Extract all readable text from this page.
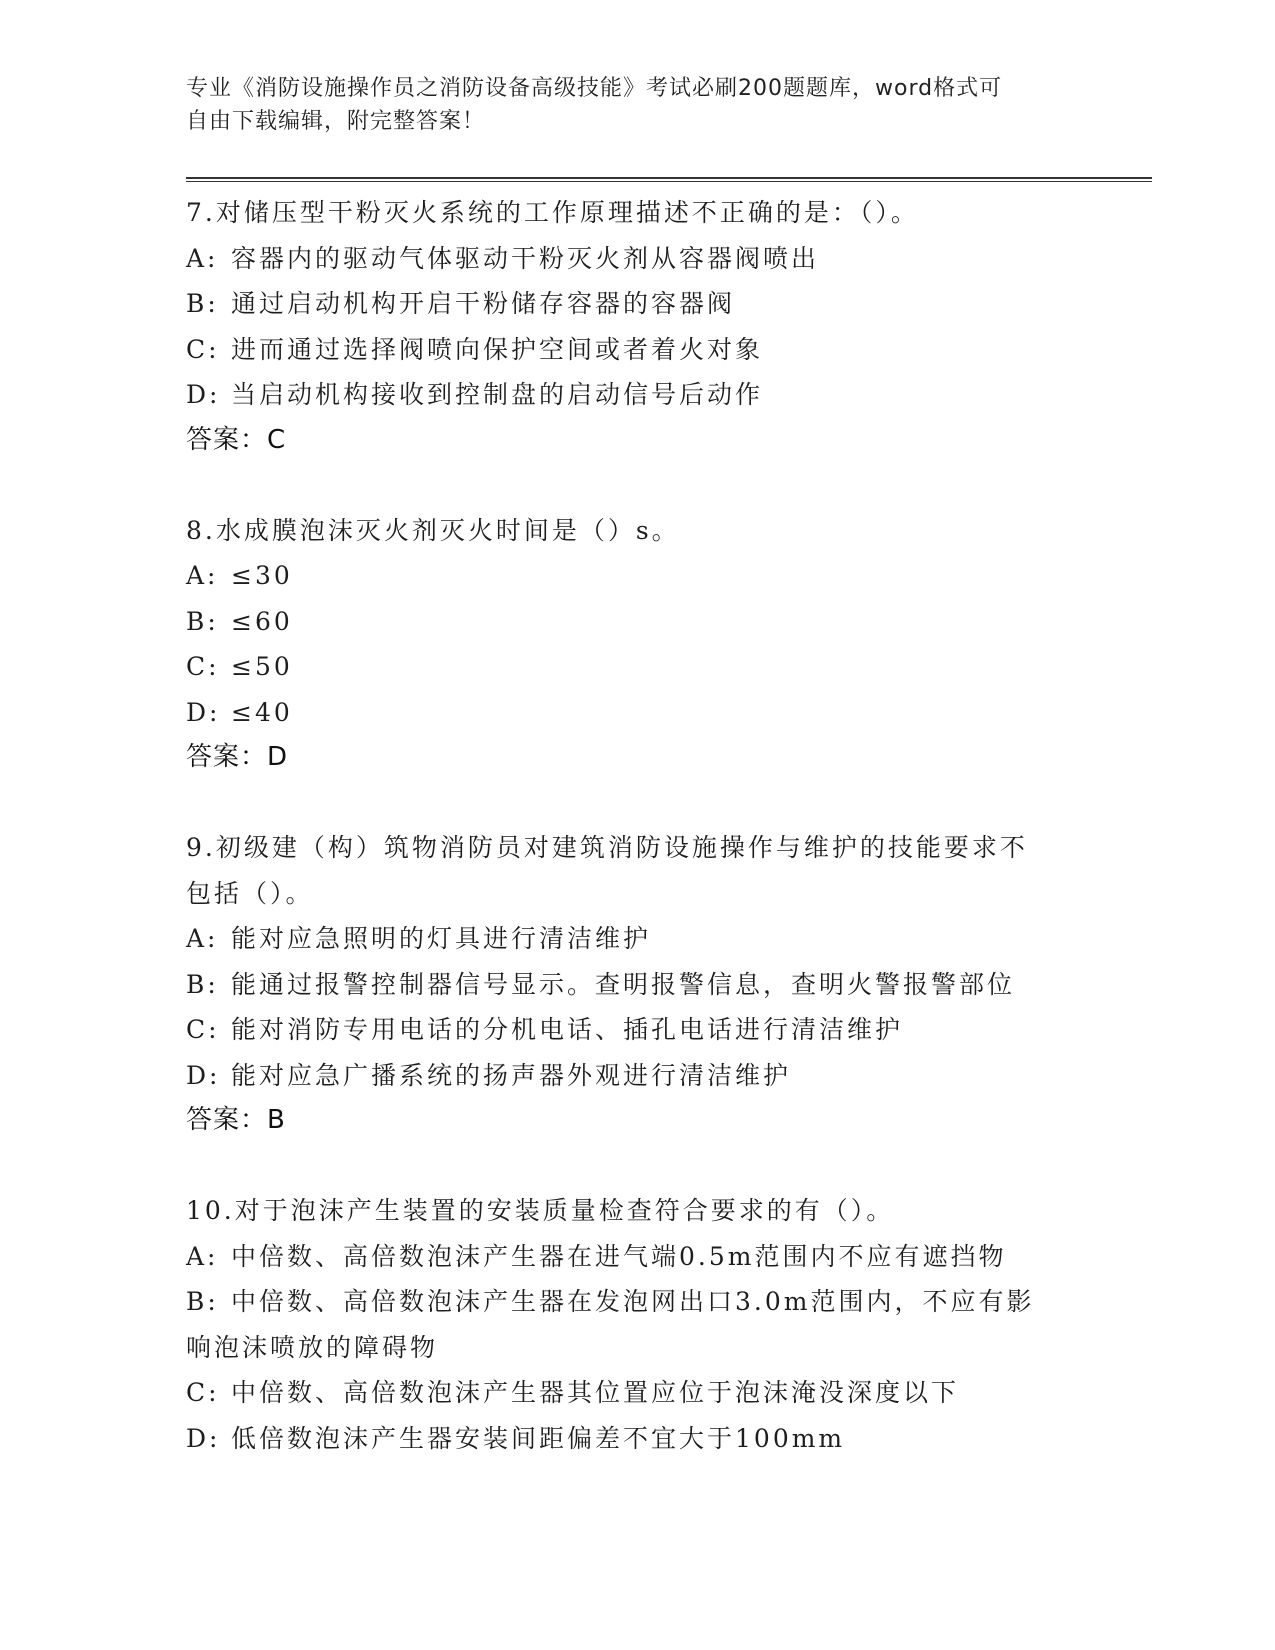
专业《消防设施操作员之消防设备高级技能》考试必刷200题题库，word格式可
自由下载编辑，附完整答案！

7.对储压型干粉灭火系统的工作原理描述不正确的是：（）。

A: 容器内的驱动气体驱动干粉灭火剂从容器阀喷出

B: 通过启动机构开启干粉储存容器的容器阀

C: 进而通过选择阀喷向保护空间或者着火对象

D: 当启动机构接收到控制盘的启动信号后动作

答案：C

8.水成膜泡沫灭火剂灭火时间是（）s。

A: ≤30

B: ≤60

C: ≤50

D: ≤40

答案：D

9.初级建（构）筑物消防员对建筑消防设施操作与维护的技能要求不

包括（）。

A: 能对应急照明的灯具进行清洁维护

B: 能通过报警控制器信号显示。查明报警信息，查明火警报警部位

C: 能对消防专用电话的分机电话、插孔电话进行清洁维护

D: 能对应急广播系统的扬声器外观进行清洁维护

答案：B

10.对于泡沫产生装置的安装质量检查符合要求的有（）。

A: 中倍数、高倍数泡沫产生器在进气端0.5m范围内不应有遮挡物

B: 中倍数、高倍数泡沫产生器在发泡网出口3.0m范围内，不应有影

响泡沫喷放的障碍物

C: 中倍数、高倍数泡沫产生器其位置应位于泡沫淹没深度以下

D: 低倍数泡沫产生器安装间距偏差不宜大于100mm
